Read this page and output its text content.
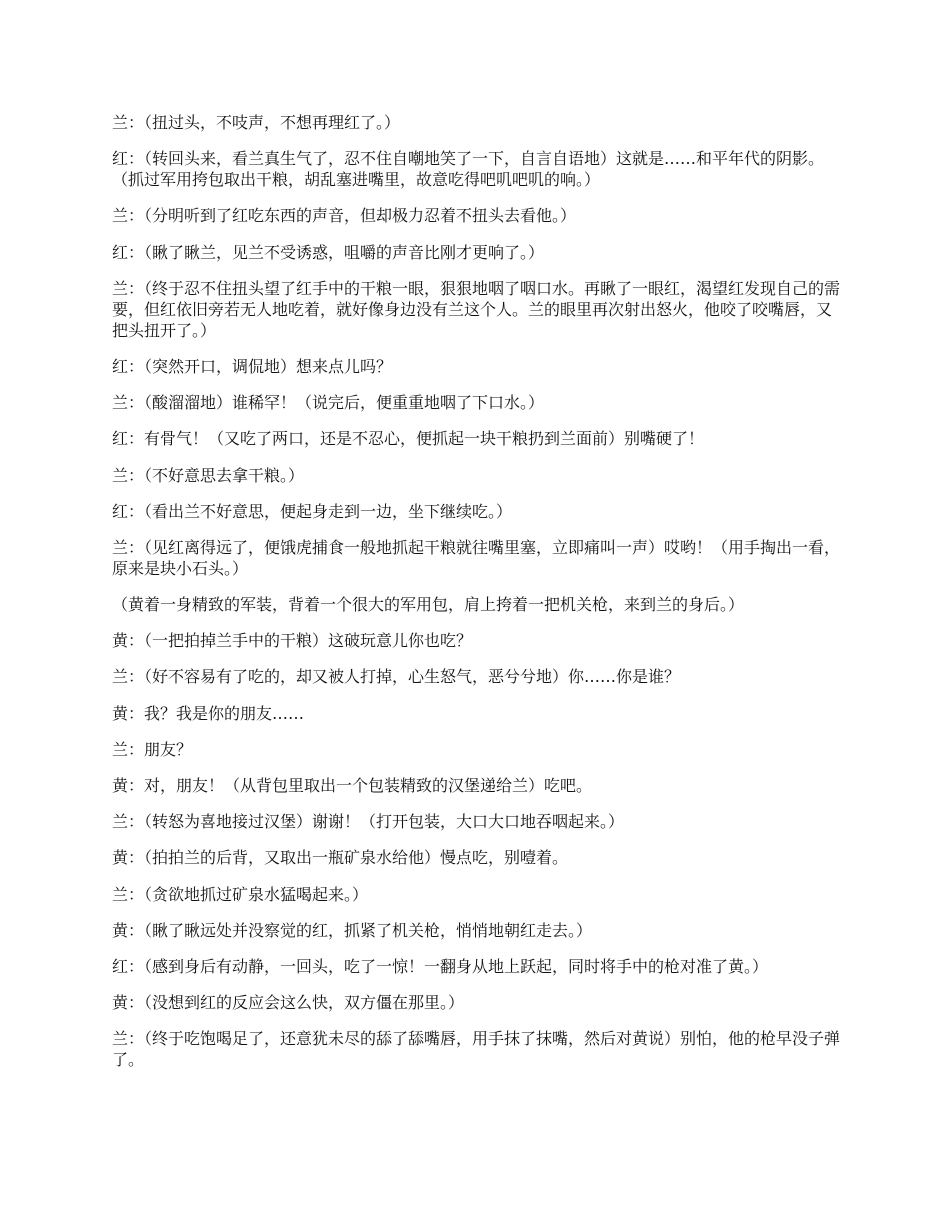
兰：（扭过头，不吱声，不想再理红了。）

红：（转回头来，看兰真生气了，忍不住自嘲地笑了一下，自言自语地）这就是……和平年代的阴影。（抓过军用挎包取出干粮，胡乱塞进嘴里，故意吃得吧叽吧叽的响。）

兰：（分明听到了红吃东西的声音，但却极力忍着不扭头去看他。）

红：（瞅了瞅兰，见兰不受诱惑，咀嚼的声音比刚才更响了。）

兰：（终于忍不住扭头望了红手中的干粮一眼，狠狠地咽了咽口水。再瞅了一眼红，渴望红发现自己的需要，但红依旧旁若无人地吃着，就好像身边没有兰这个人。兰的眼里再次射出怒火，他咬了咬嘴唇，又把头扭开了。）

红：（突然开口，调侃地）想来点儿吗？

兰：（酸溜溜地）谁稀罕！（说完后，便重重地咽了下口水。）

红：有骨气！（又吃了两口，还是不忍心，便抓起一块干粮扔到兰面前）别嘴硬了！

兰：（不好意思去拿干粮。）

红：（看出兰不好意思，便起身走到一边，坐下继续吃。）

兰：（见红离得远了，便饿虎捕食一般地抓起干粮就往嘴里塞，立即痛叫一声）哎哟！（用手掏出一看，原来是块小石头。）

（黄着一身精致的军装，背着一个很大的军用包，肩上挎着一把机关枪，来到兰的身后。）

黄：（一把拍掉兰手中的干粮）这破玩意儿你也吃？

兰：（好不容易有了吃的，却又被人打掉，心生怒气，恶兮兮地）你……你是谁？

黄：我？我是你的朋友……

兰：朋友？

黄：对，朋友！（从背包里取出一个包装精致的汉堡递给兰）吃吧。

兰：（转怒为喜地接过汉堡）谢谢！（打开包装，大口大口地吞咽起来。）

黄：（拍拍兰的后背，又取出一瓶矿泉水给他）慢点吃，别噎着。

兰：（贪欲地抓过矿泉水猛喝起来。）

黄：（瞅了瞅远处并没察觉的红，抓紧了机关枪，悄悄地朝红走去。）

红：（感到身后有动静，一回头，吃了一惊！一翻身从地上跃起，同时将手中的枪对准了黄。）

黄：（没想到红的反应会这么快，双方僵在那里。）

兰：（终于吃饱喝足了，还意犹未尽的舔了舔嘴唇，用手抹了抹嘴，然后对黄说）别怕，他的枪早没子弹了。
